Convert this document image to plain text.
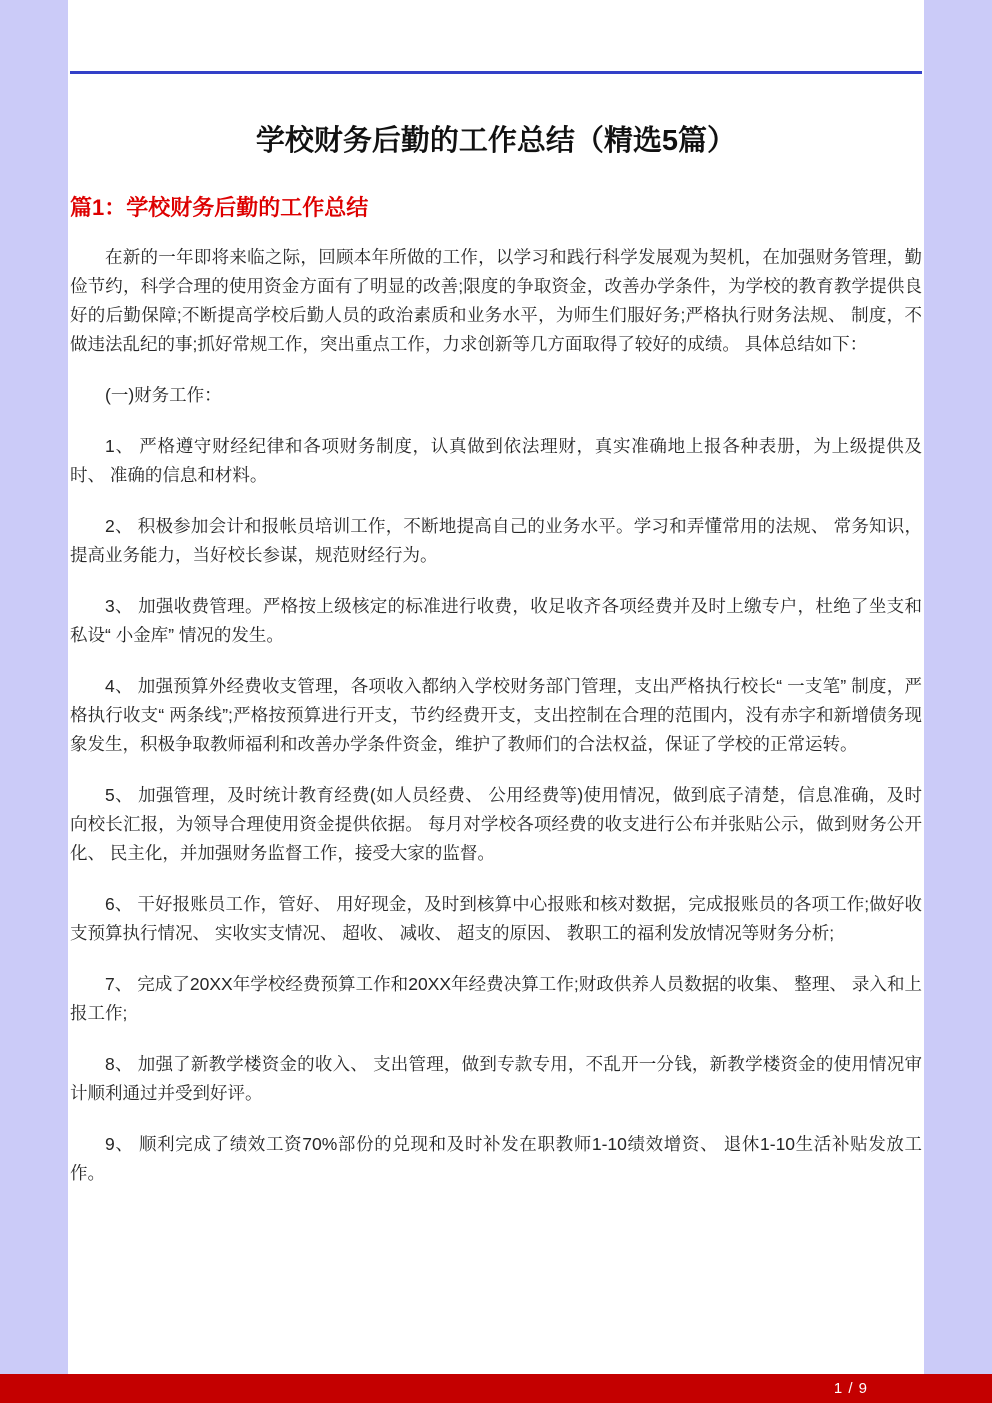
学校财务后勤的工作总结（精选5篇）
篇1：学校财务后勤的工作总结

在新的一年即将来临之际，回顾本年所做的工作，以学习和践行科学发展观为契机，在加强财务管理，勤俭节约，科学合理的使用资金方面有了明显的改善;限度的争取资金，改善办学条件，为学校的教育教学提供良好的后勤保障;不断提高学校后勤人员的政治素质和业务水平，为师生们服好务;严格执行财务法规、 制度，不做违法乱纪的事;抓好常规工作，突出重点工作，力求创新等几方面取得了较好的成绩。 具体总结如下：

(一)财务工作：

1、 严格遵守财经纪律和各项财务制度，认真做到依法理财，真实准确地上报各种表册，为上级提供及时、 准确的信息和材料。

2、 积极参加会计和报帐员培训工作，不断地提高自己的业务水平。学习和弄懂常用的法规、 常务知识，提高业务能力，当好校长参谋，规范财经行为。

3、 加强收费管理。严格按上级核定的标准进行收费，收足收齐各项经费并及时上缴专户，杜绝了坐支和私设“ 小金库” 情况的发生。

4、 加强预算外经费收支管理，各项收入都纳入学校财务部门管理，支出严格执行校长“ 一支笔” 制度，严格执行收支“ 两条线”;严格按预算进行开支，节约经费开支，支出控制在合理的范围内，没有赤字和新增债务现象发生，积极争取教师福利和改善办学条件资金，维护了教师们的合法权益，保证了学校的正常运转。

5、 加强管理，及时统计教育经费(如人员经费、 公用经费等)使用情况，做到底子清楚，信息准确，及时向校长汇报，为领导合理使用资金提供依据。 每月对学校各项经费的收支进行公布并张贴公示，做到财务公开化、 民主化，并加强财务监督工作，接受大家的监督。

6、 干好报账员工作，管好、 用好现金，及时到核算中心报账和核对数据，完成报账员的各项工作;做好收支预算执行情况、 实收实支情况、 超收、 减收、 超支的原因、 教职工的福利发放情况等财务分析;

7、 完成了20XX年学校经费预算工作和20XX年经费决算工作;财政供养人员数据的收集、 整理、 录入和上报工作;

8、 加强了新教学楼资金的收入、 支出管理，做到专款专用，不乱开一分钱，新教学楼资金的使用情况审计顺利通过并受到好评。

9、 顺利完成了绩效工资70%部份的兑现和及时补发在职教师1-10绩效增资、 退休1-10生活补贴发放工作。

1 / 9
